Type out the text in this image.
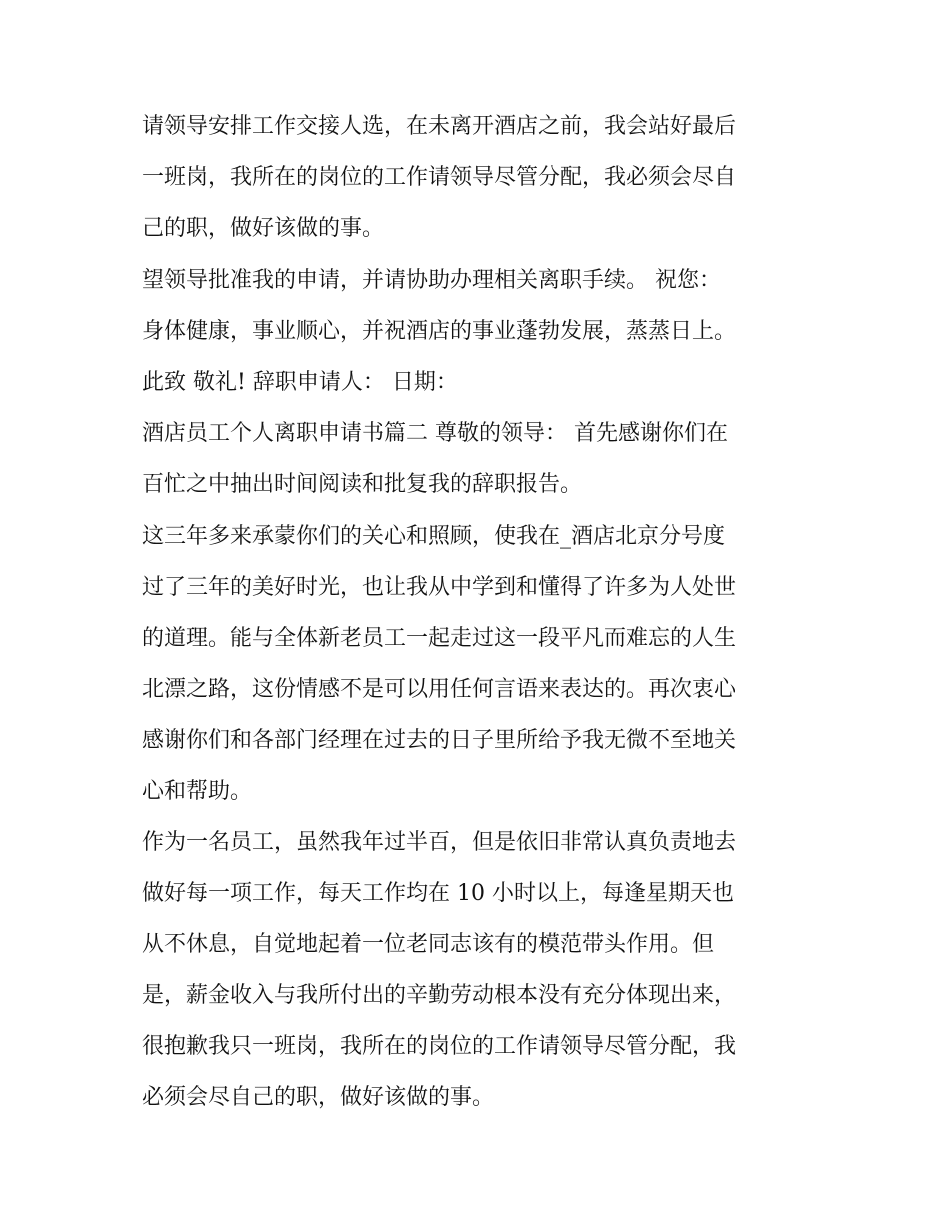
请领导安排工作交接人选，在未离开酒店之前，我会站好最后

一班岗，我所在的岗位的工作请领导尽管分配，我必须会尽自

己的职，做好该做的事。

望领导批准我的申请，并请协助办理相关离职手续。 祝您：

身体健康，事业顺心，并祝酒店的事业蓬勃发展，蒸蒸日上。

此致 敬礼! 辞职申请人： 日期：

酒店员工个人离职申请书篇二 尊敬的领导： 首先感谢你们在

百忙之中抽出时间阅读和批复我的辞职报告。

这三年多来承蒙你们的关心和照顾，使我在_酒店北京分号度

过了三年的美好时光，也让我从中学到和懂得了许多为人处世

的道理。能与全体新老员工一起走过这一段平凡而难忘的人生

北漂之路，这份情感不是可以用任何言语来表达的。再次衷心

感谢你们和各部门经理在过去的日子里所给予我无微不至地关

心和帮助。

作为一名员工，虽然我年过半百，但是依旧非常认真负责地去

做好每一项工作，每天工作均在 10 小时以上，每逢星期天也

从不休息，自觉地起着一位老同志该有的模范带头作用。但

是，薪金收入与我所付出的辛勤劳动根本没有充分体现出来，

很抱歉我只一班岗，我所在的岗位的工作请领导尽管分配，我

必须会尽自己的职，做好该做的事。
